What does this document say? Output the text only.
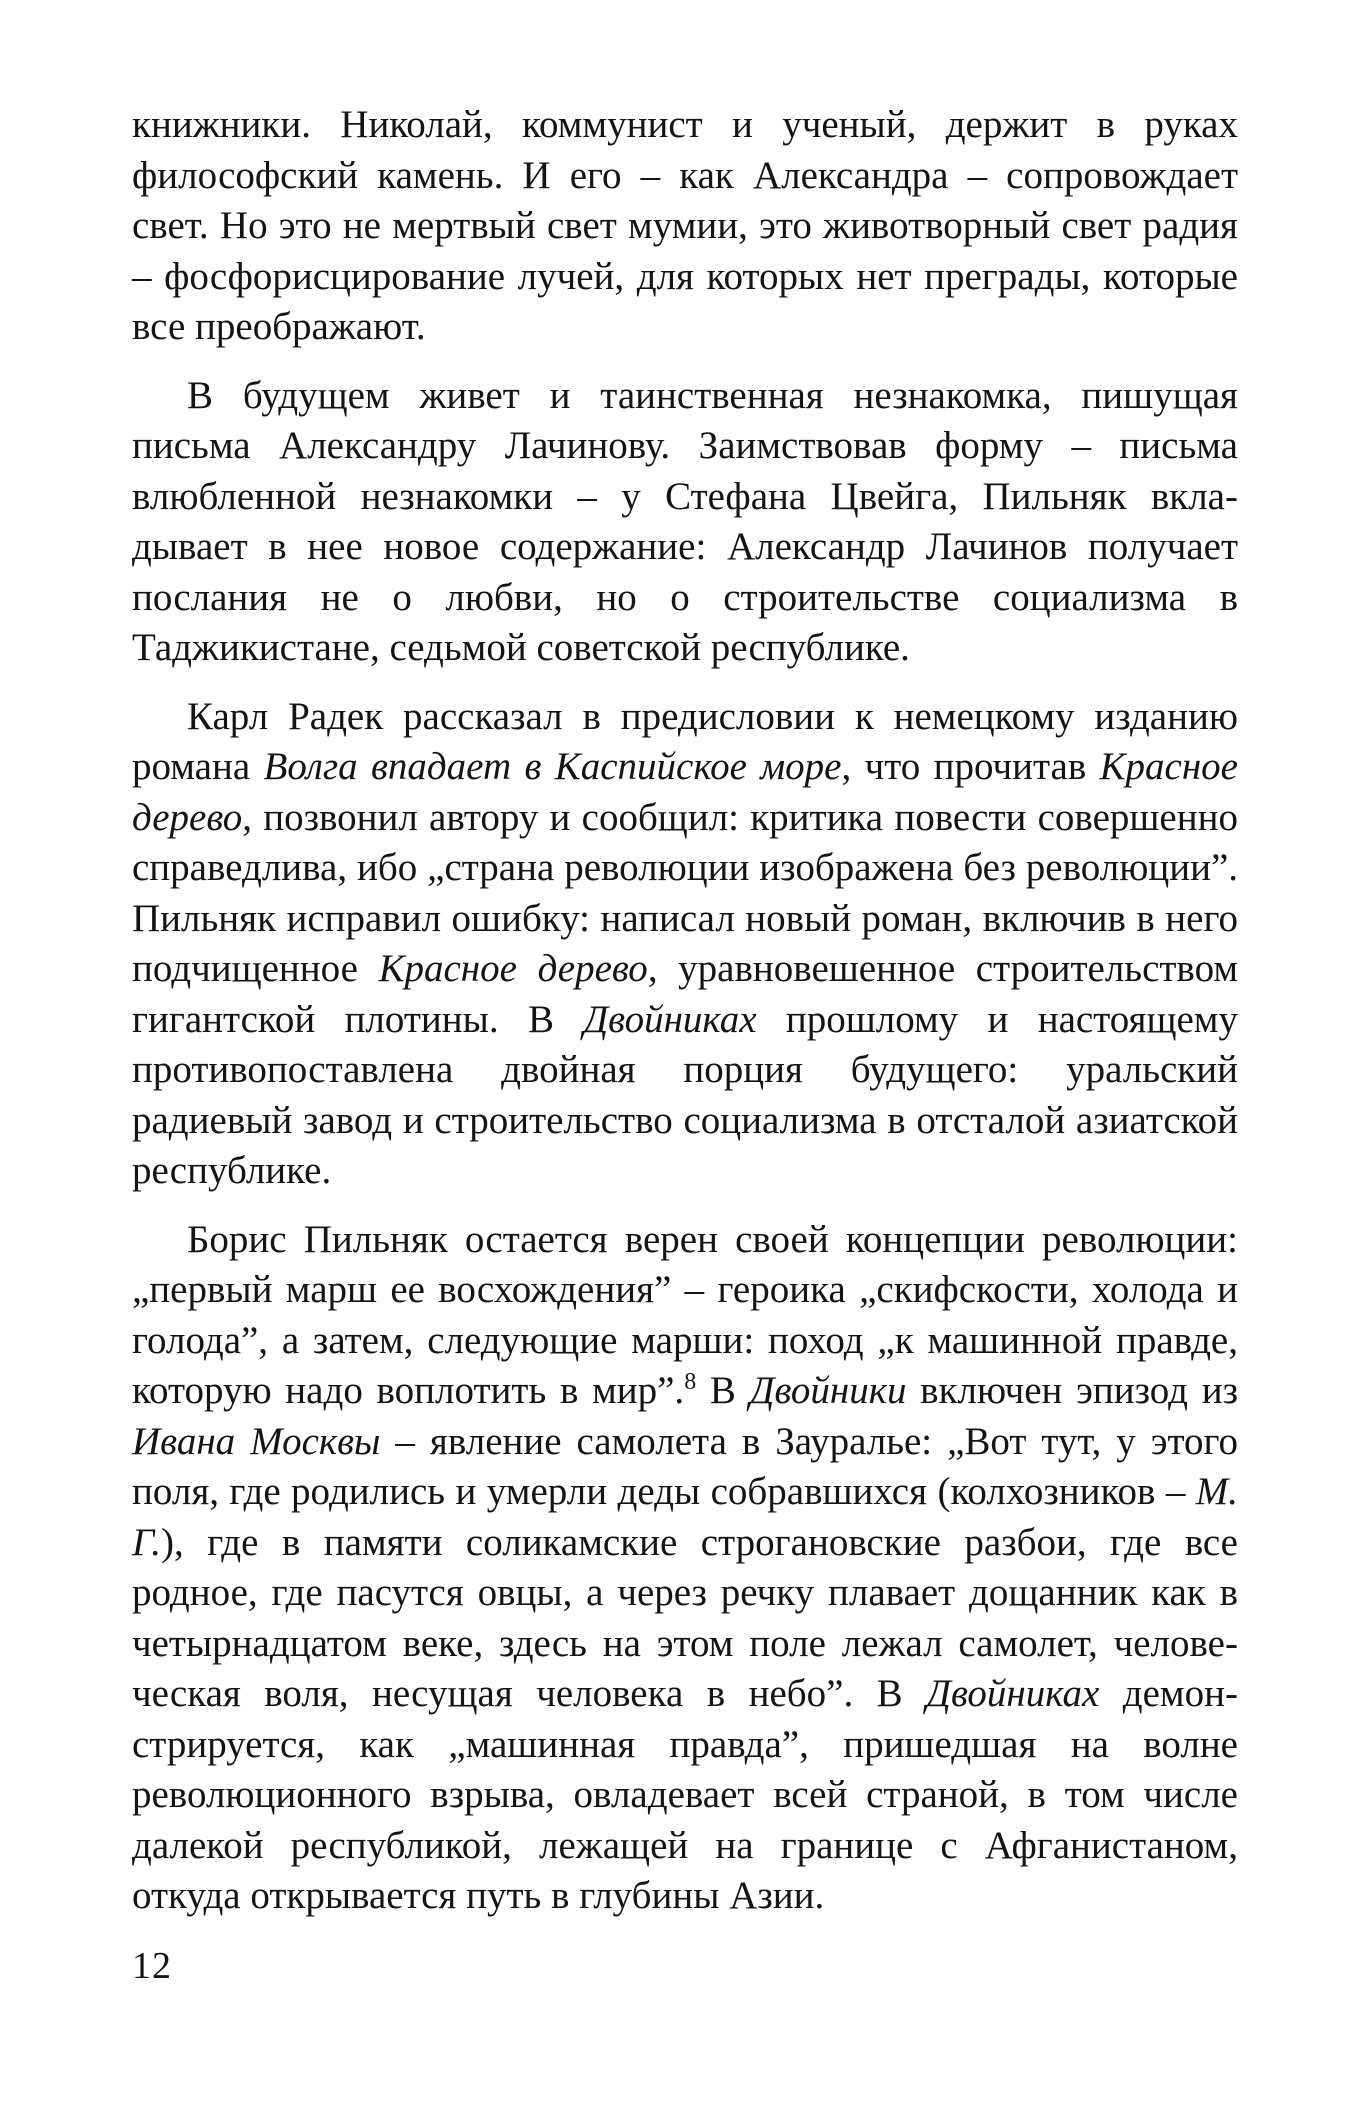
книжники. Николай, коммунист и ученый, держит в руках философский камень. И его – как Александра – сопровождает свет. Но это не мертвый свет мумии, это животворный свет радия – фосфорисцирование лучей, для которых нет преграды, которые все преображают.

В будущем живет и таинственная незнакомка, пишущая письма Александру Лачинову. Заимствовав форму – письма влюбленной незнакомки – у Стефана Цвейга, Пильняк вкладывает в нее новое содержание: Александр Лачинов получает послания не о любви, но о строительстве социализма в Таджикистане, седьмой советской республике.

Карл Радек рассказал в предисловии к немецкому изданию романа Волга впадает в Каспийское море, что прочитав Красное дерево, позвонил автору и сообщил: критика повести совершенно справедлива, ибо „страна революции изображена без революции”. Пильняк исправил ошибку: написал новый роман, включив в него подчищенное Красное дерево, уравновешенное строительством гигантской плотины. В Двойниках прошлому и настоящему противопоставлена двойная порция будущего: уральский радиевый завод и строительство социализма в отсталой азиатской республике.

Борис Пильняк остается верен своей концепции революции: „первый марш ее восхождения” – героика „скифскости, холода и голода”, а затем, следующие марши: поход „к машинной правде, которую надо воплотить в мир”.$^8$ В Двойники включен эпизод из Ивана Москвы – явление самолета в Зауралье: „Вот тут, у этого поля, где родились и умерли деды собравшихся (колхозников – М. Г.), где в памяти соликамские строгановские разбои, где все родное, где пасутся овцы, а через речку плавает дощанник как в четырнадцатом веке, здесь на этом поле лежал самолет, человеческая воля, несущая человека в небо”. В Двойниках демонстрируется, как „машинная правда”, пришедшая на волне революционного взрыва, овладевает всей страной, в том числе далекой республикой, лежащей на границе с Афганистаном, откуда открывается путь в глубины Азии.

12
